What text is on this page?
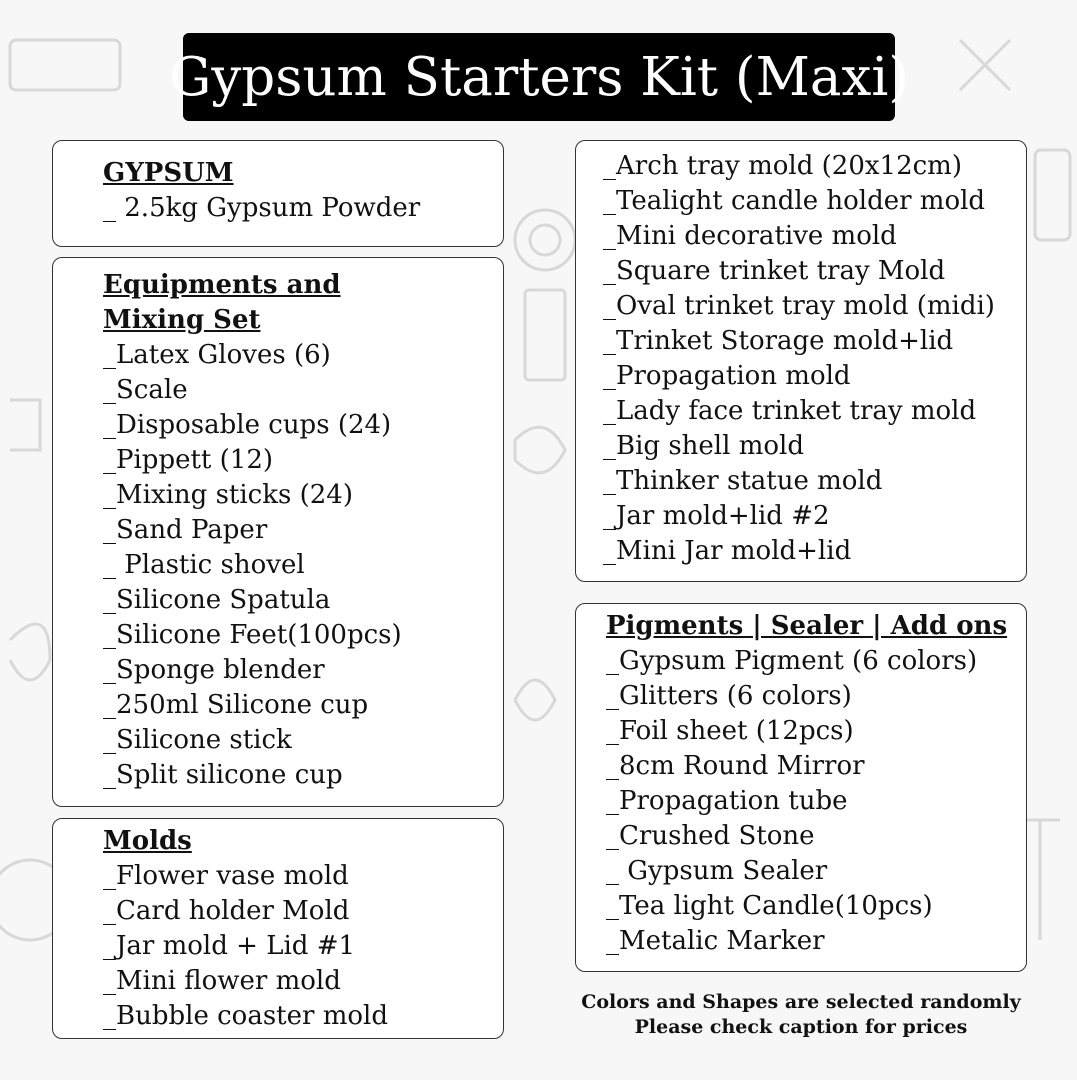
Gypsum Starters Kit (Maxi)
GYPSUM
_ 2.5kg Gypsum Powder
Equipments and
Mixing Set
_Latex Gloves (6)
_Scale
_Disposable cups (24)
_Pippett (12)
_Mixing sticks (24)
_Sand Paper
_ Plastic shovel
_Silicone Spatula
_Silicone Feet(100pcs)
_Sponge blender
_250ml Silicone cup
_Silicone stick
_Split silicone cup
Molds
_Flower vase mold
_Card holder Mold
_Jar mold + Lid #1
_Mini flower mold
_Bubble coaster mold
_Arch tray mold (20x12cm)
_Tealight candle holder mold
_Mini decorative mold
_Square trinket tray Mold
_Oval trinket tray mold (midi)
_Trinket Storage mold+lid
_Propagation mold
_Lady face trinket tray mold
_Big shell mold
_Thinker statue mold
_Jar mold+lid #2
_Mini Jar mold+lid
Pigments | Sealer | Add ons
_Gypsum Pigment (6 colors)
_Glitters (6 colors)
_Foil sheet (12pcs)
_8cm Round Mirror
_Propagation tube
_Crushed Stone
_ Gypsum Sealer
_Tea light Candle(10pcs)
_Metalic Marker
Colors and Shapes are selected randomly
Please check caption for prices
